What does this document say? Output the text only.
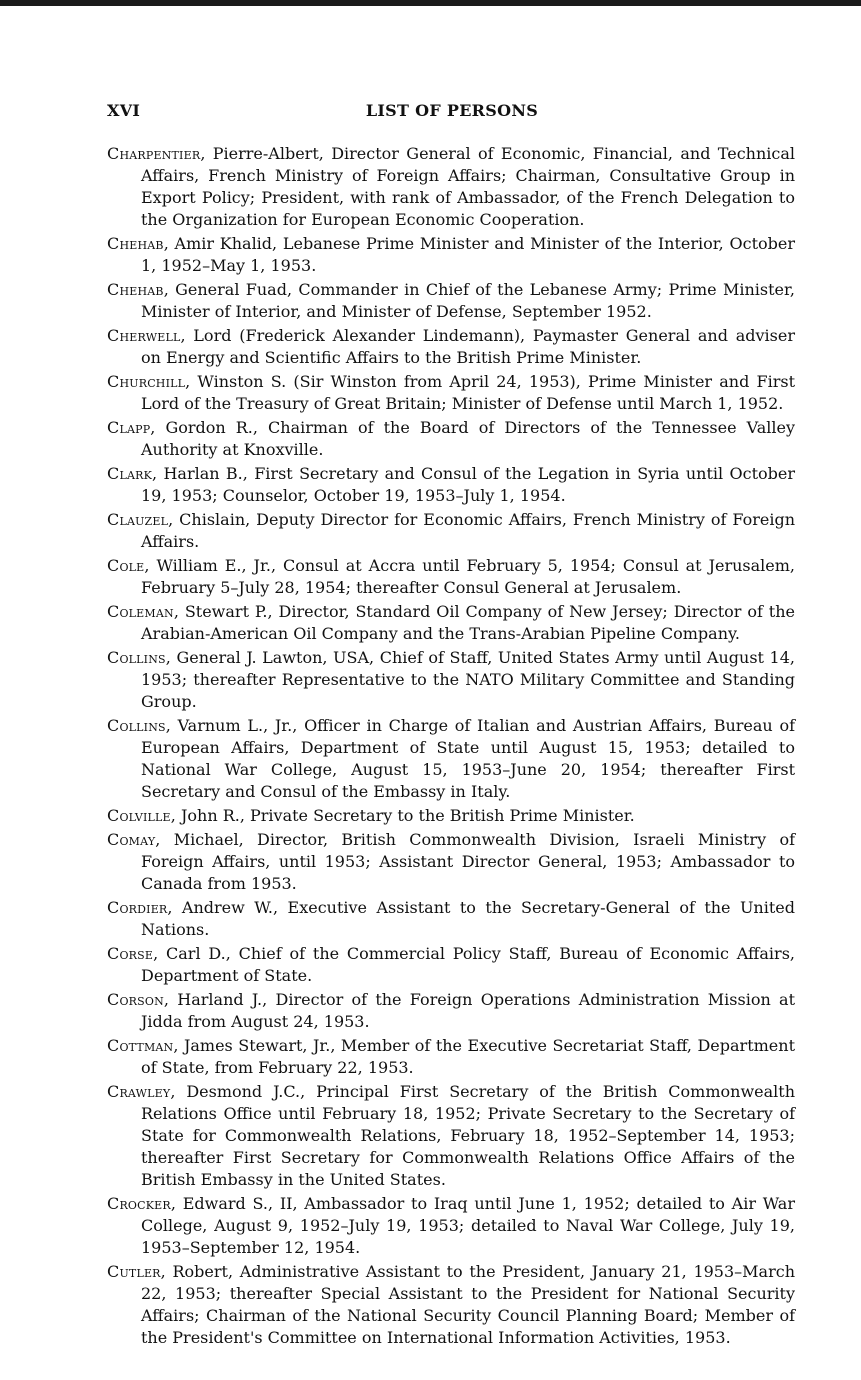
XVI	LIST OF PERSONS

Charpentier, Pierre-Albert, Director General of Economic, Financial, and Technical Affairs, French Ministry of Foreign Affairs; Chairman, Consultative Group in Export Policy; President, with rank of Ambassador, of the French Delegation to the Organization for European Economic Cooperation.

Chehab, Amir Khalid, Lebanese Prime Minister and Minister of the Interior, October 1, 1952–May 1, 1953.

Chehab, General Fuad, Commander in Chief of the Lebanese Army; Prime Minister, Minister of Interior, and Minister of Defense, September 1952.

Cherwell, Lord (Frederick Alexander Lindemann), Paymaster General and adviser on Energy and Scientific Affairs to the British Prime Minister.

Churchill, Winston S. (Sir Winston from April 24, 1953), Prime Minister and First Lord of the Treasury of Great Britain; Minister of Defense until March 1, 1952.

Clapp, Gordon R., Chairman of the Board of Directors of the Tennessee Valley Authority at Knoxville.

Clark, Harlan B., First Secretary and Consul of the Legation in Syria until October 19, 1953; Counselor, October 19, 1953–July 1, 1954.

Clauzel, Chislain, Deputy Director for Economic Affairs, French Ministry of Foreign Affairs.

Cole, William E., Jr., Consul at Accra until February 5, 1954; Consul at Jerusalem, February 5–July 28, 1954; thereafter Consul General at Jerusalem.

Coleman, Stewart P., Director, Standard Oil Company of New Jersey; Director of the Arabian-American Oil Company and the Trans-Arabian Pipeline Company.

Collins, General J. Lawton, USA, Chief of Staff, United States Army until August 14, 1953; thereafter Representative to the NATO Military Committee and Standing Group.

Collins, Varnum L., Jr., Officer in Charge of Italian and Austrian Affairs, Bureau of European Affairs, Department of State until August 15, 1953; detailed to National War College, August 15, 1953–June 20, 1954; thereafter First Secretary and Consul of the Embassy in Italy.

Colville, John R., Private Secretary to the British Prime Minister.

Comay, Michael, Director, British Commonwealth Division, Israeli Ministry of Foreign Affairs, until 1953; Assistant Director General, 1953; Ambassador to Canada from 1953.

Cordier, Andrew W., Executive Assistant to the Secretary-General of the United Nations.

Corse, Carl D., Chief of the Commercial Policy Staff, Bureau of Economic Affairs, Department of State.

Corson, Harland J., Director of the Foreign Operations Administration Mission at Jidda from August 24, 1953.

Cottman, James Stewart, Jr., Member of the Executive Secretariat Staff, Department of State, from February 22, 1953.

Crawley, Desmond J.C., Principal First Secretary of the British Commonwealth Relations Office until February 18, 1952; Private Secretary to the Secretary of State for Commonwealth Relations, February 18, 1952–September 14, 1953; thereafter First Secretary for Commonwealth Relations Office Affairs of the British Embassy in the United States.

Crocker, Edward S., II, Ambassador to Iraq until June 1, 1952; detailed to Air War College, August 9, 1952–July 19, 1953; detailed to Naval War College, July 19, 1953–September 12, 1954.

Cutler, Robert, Administrative Assistant to the President, January 21, 1953–March 22, 1953; thereafter Special Assistant to the President for National Security Affairs; Chairman of the National Security Council Planning Board; Member of the President's Committee on International Information Activities, 1953.
